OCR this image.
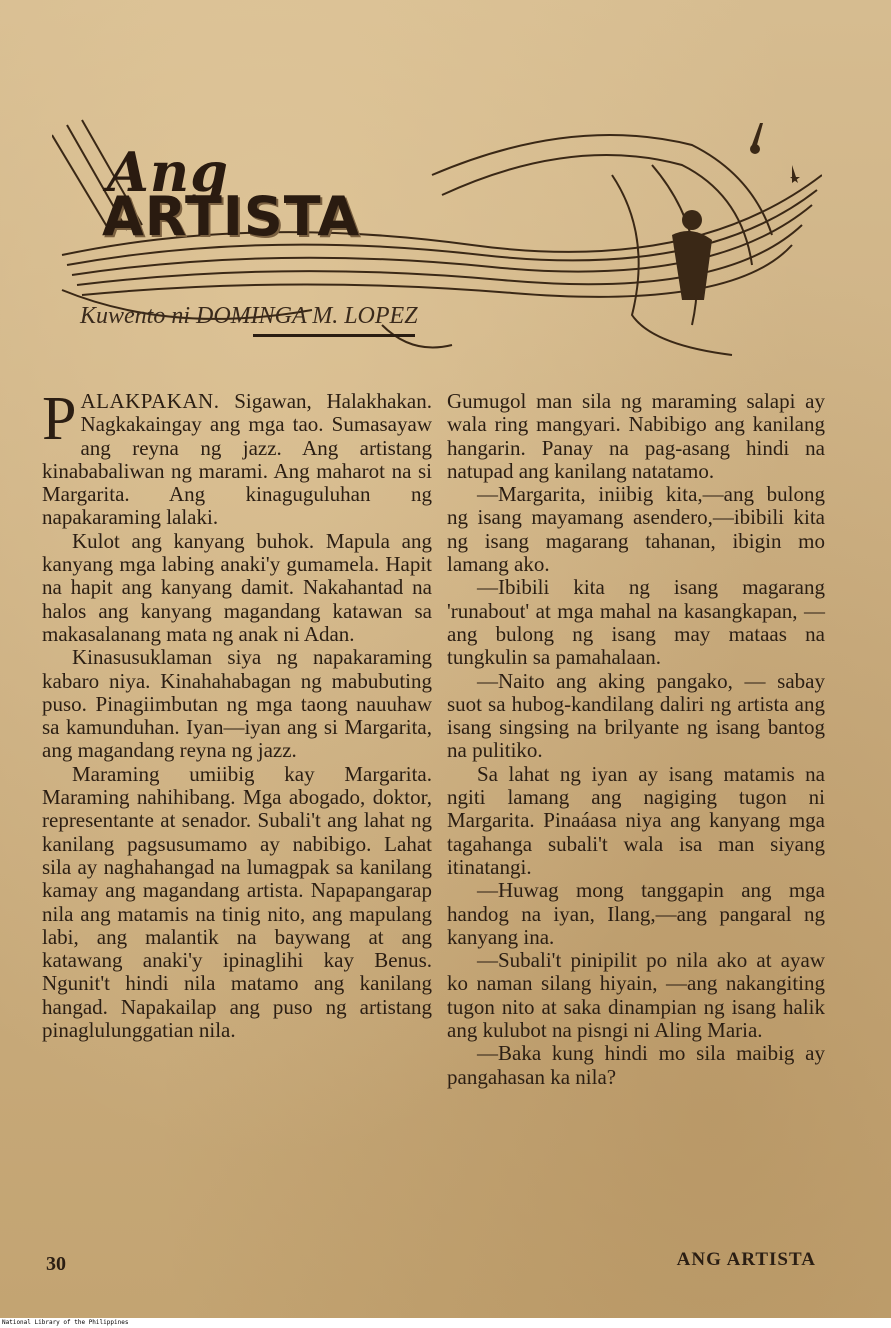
Ang
ARTISTA
Kuwento ni DOMINGA M. LOPEZ

PALAKPAKAN. Sigawan, Halakhakan. Nagkakaingay ang mga tao. Sumasayaw ang reyna ng jazz. Ang artistang kinababaliwan ng marami. Ang maharot na si Margarita. Ang kinaguguluhan ng napakaraming lalaki.

Kulot ang kanyang buhok. Mapula ang kanyang mga labing anaki'y gumamela. Hapit na hapit ang kanyang damit. Nakahantad na halos ang kanyang magandang katawan sa makasalanang mata ng anak ni Adan.

Kinasusuklaman siya ng napakaraming kabaro niya. Kinahahabagan ng mabubuting puso. Pinagiimbutan ng mga taong nauuhaw sa kamunduhan. Iyan—iyan ang si Margarita, ang magandang reyna ng jazz.

Maraming umiibig kay Margarita. Maraming nahihibang. Mga abogado, doktor, representante at senador. Subali't ang lahat ng kanilang pagsusumamo ay nabibigo. Lahat sila ay naghahangad na lumagpak sa kanilang kamay ang magandang artista. Napapangarap nila ang matamis na tinig nito, ang mapulang labi, ang malantik na baywang at ang katawang anaki'y ipinaglihi kay Benus. Ngunit't hindi nila matamo ang kanilang hangad. Napakailap ang puso ng artistang pinaglulunggatian nila.

Gumugol man sila ng maraming salapi ay wala ring mangyari. Nabibigo ang kanilang hangarin. Panay na pag-asang hindi na natupad ang kanilang natatamo.

—Margarita, iniibig kita,—ang bulong ng isang mayamang asendero,—ibibili kita ng isang magarang tahanan, ibigin mo lamang ako.

—Ibibili kita ng isang magarang 'runabout' at mga mahal na kasangkapan, — ang bulong ng isang may mataas na tungkulin sa pamahalaan.

—Naito ang aking pangako, — sabay suot sa hubog-kandilang daliri ng artista ang isang singsing na brilyante ng isang bantog na pulitiko.

Sa lahat ng iyan ay isang matamis na ngiti lamang ang nagiging tugon ni Margarita. Pinaáasa niya ang kanyang mga tagahanga subali't wala isa man siyang itinatangi.

—Huwag mong tanggapin ang mga handog na iyan, Ilang,—ang pangaral ng kanyang ina.

—Subali't pinipilit po nila ako at ayaw ko naman silang hiyain, —ang nakangiting tugon nito at saka dinampian ng isang halik ang kulubot na pisngi ni Aling Maria.

—Baka kung hindi mo sila maibig ay pangahasan ka nila?

30	ANG ARTISTA
National Library of the Philippines
